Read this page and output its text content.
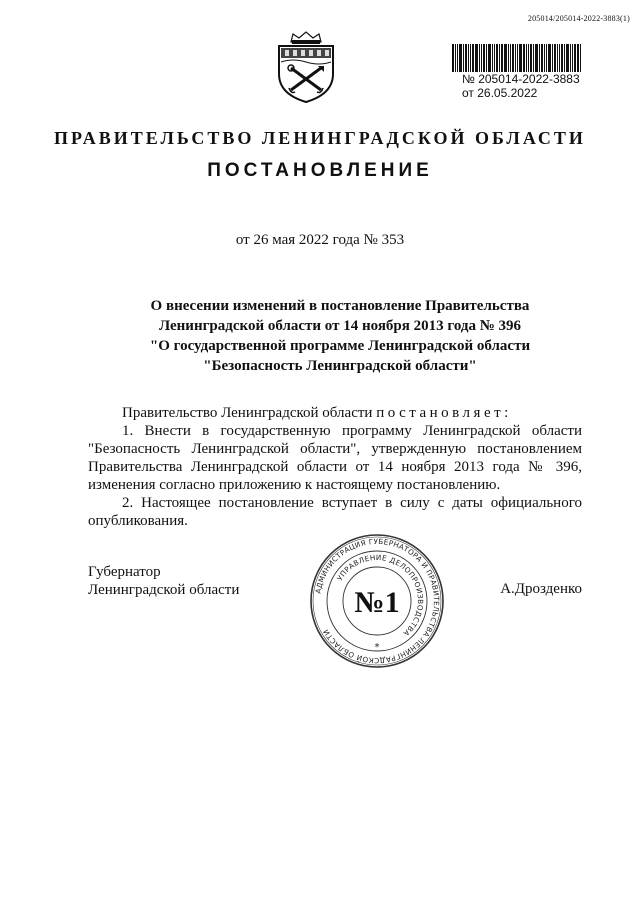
205014/205014-2022-3883(1)
№ 205014-2022-3883
от 26.05.2022
ПРАВИТЕЛЬСТВО ЛЕНИНГРАДСКОЙ ОБЛАСТИ
ПОСТАНОВЛЕНИЕ
от 26 мая 2022 года № 353
О внесении изменений в постановление Правительства
Ленинградской области от 14 ноября 2013 года № 396
"О государственной программе Ленинградской области
"Безопасность Ленинградской области"
Правительство Ленинградской области постановляет:
1. Внести в государственную программу Ленинградской области "Безопасность Ленинградской области", утвержденную постановлением Правительства Ленинградской области от 14 ноября 2013 года № 396, изменения согласно приложению к настоящему постановлению.
2. Настоящее постановление вступает в силу с даты официального опубликования.
Губернатор
Ленинградской области	А.Дрозденко
АДМИНИСТРАЦИЯ ГУБЕРНАТОРА И ПРАВИТЕЛЬСТВА ЛЕНИНГРАДСКОЙ ОБЛАСТИ
УПРАВЛЕНИЕ ДЕЛОПРОИЗВОДСТВА
№1
*
